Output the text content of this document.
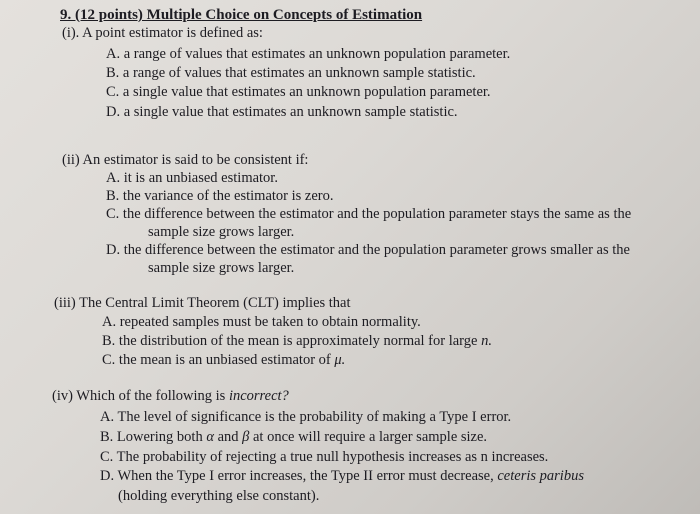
9. (12 points) Multiple Choice on Concepts of Estimation
(i). A point estimator is defined as:
A. a range of values that estimates an unknown population parameter.
B. a range of values that estimates an unknown sample statistic.
C. a single value that estimates an unknown population parameter.
D. a single value that estimates an unknown sample statistic.
(ii) An estimator is said to be consistent if:
A. it is an unbiased estimator.
B. the variance of the estimator is zero.
C. the difference between the estimator and the population parameter stays the same as the
sample size grows larger.
D. the difference between the estimator and the population parameter grows smaller as the
sample size grows larger.
(iii) The Central Limit Theorem (CLT) implies that
A. repeated samples must be taken to obtain normality.
B. the distribution of the mean is approximately normal for large n.
C. the mean is an unbiased estimator of μ.
(iv) Which of the following is incorrect?
A. The level of significance is the probability of making a Type I error.
B. Lowering both α and β at once will require a larger sample size.
C. The probability of rejecting a true null hypothesis increases as n increases.
D. When the Type I error increases, the Type II error must decrease, ceteris paribus
(holding everything else constant).
